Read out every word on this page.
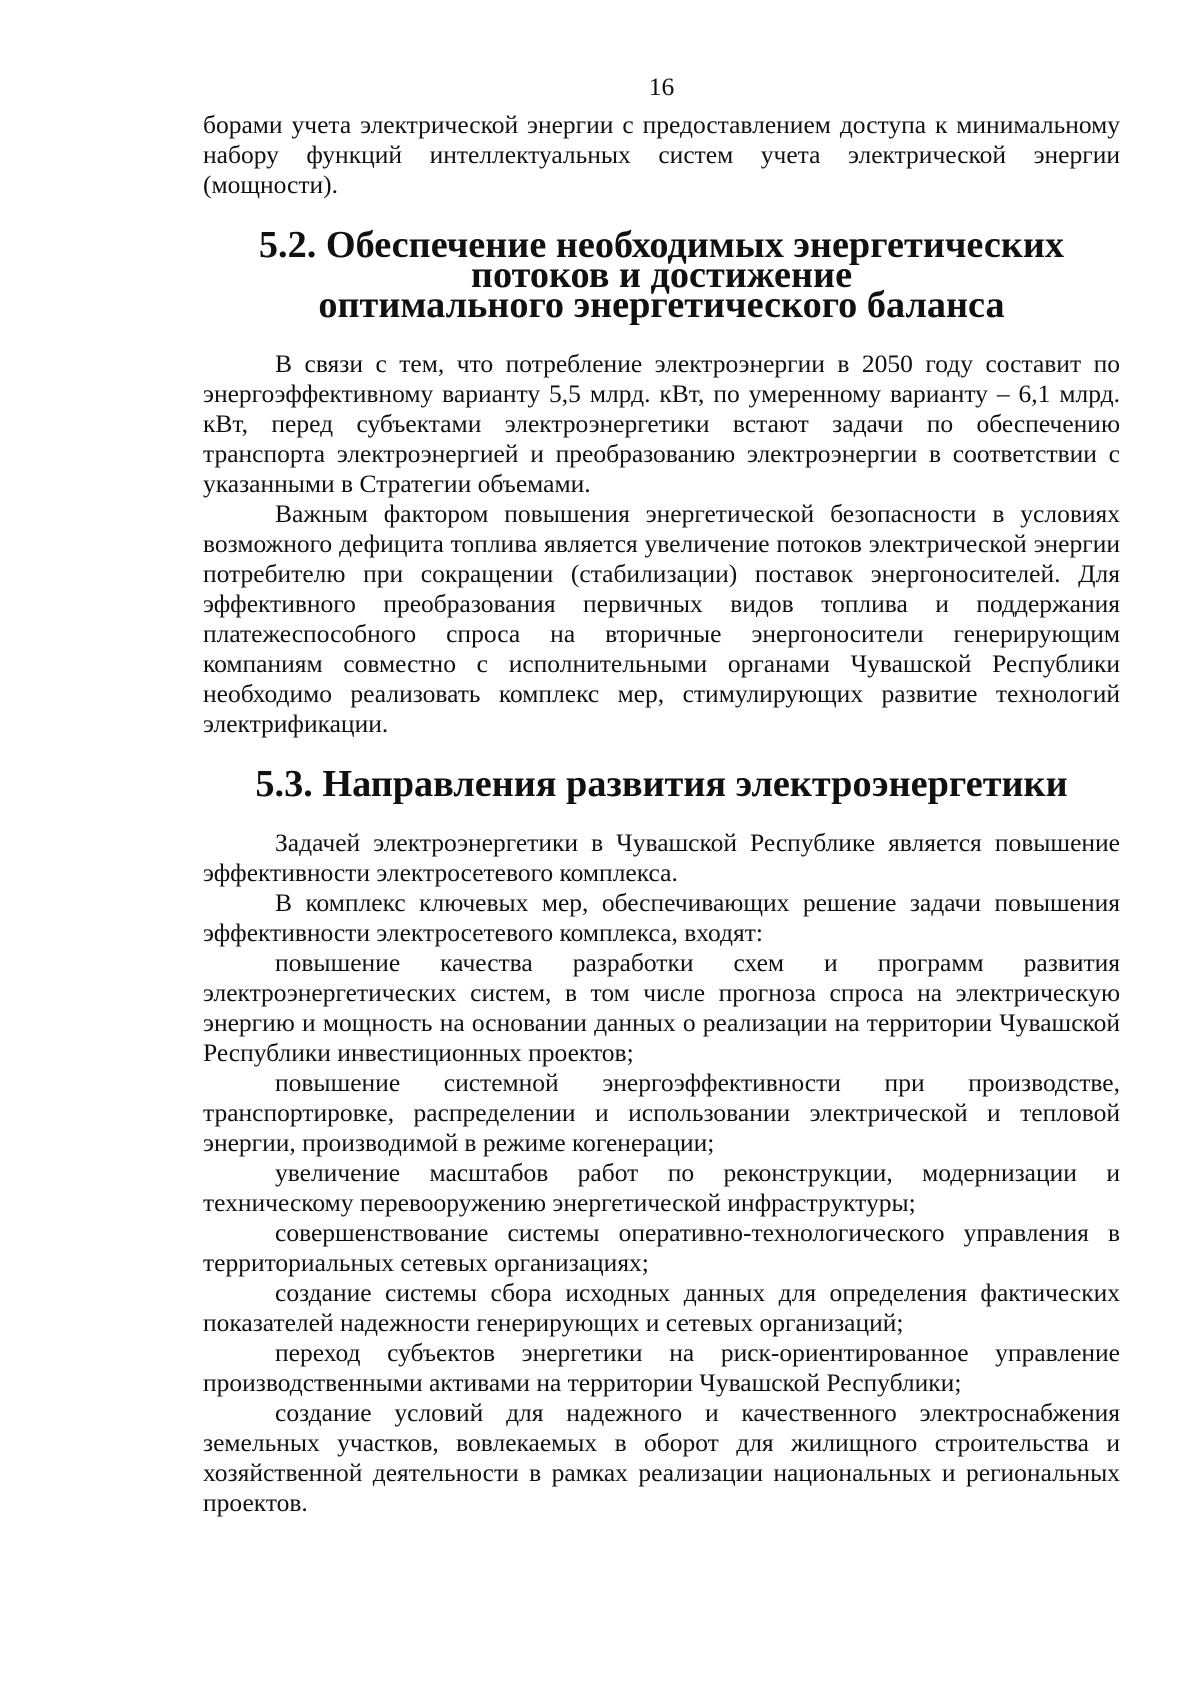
16

борами учета электрической энергии с предоставлением доступа к минимальному набору функций интеллектуальных систем учета электрической энергии (мощности).

5.2. Обеспечение необходимых энергетических потоков и достижение
оптимального энергетического баланса

В связи с тем, что потребление электроэнергии в 2050 году составит по энергоэффективному варианту 5,5 млрд. кВт, по умеренному варианту – 6,1 млрд. кВт, перед субъектами электроэнергетики встают задачи по обеспечению транспорта электроэнергией и преобразованию электроэнергии в соответствии с указанными в Стратегии объемами.

Важным фактором повышения энергетической безопасности в условиях возможного дефицита топлива является увеличение потоков электрической энергии потребителю при сокращении (стабилизации) поставок энергоносителей. Для эффективного преобразования первичных видов топлива и поддержания платежеспособного спроса на вторичные энергоносители генерирующим компаниям совместно с исполнительными органами Чувашской Республики необходимо реализовать комплекс мер, стимулирующих развитие технологий электрификации.

5.3. Направления развития электроэнергетики

Задачей электроэнергетики в Чувашской Республике является повышение эффективности электросетевого комплекса.

В комплекс ключевых мер, обеспечивающих решение задачи повышения эффективности электросетевого комплекса, входят:

повышение качества разработки схем и программ развития электроэнергетических систем, в том числе прогноза спроса на электрическую энергию и мощность на основании данных о реализации на территории Чувашской Республики инвестиционных проектов;

повышение системной энергоэффективности при производстве, транспортировке, распределении и использовании электрической и тепловой энергии, производимой в режиме когенерации;

увеличение масштабов работ по реконструкции, модернизации и техническому перевооружению энергетической инфраструктуры;

совершенствование системы оперативно-технологического управления в территориальных сетевых организациях;

создание системы сбора исходных данных для определения фактических показателей надежности генерирующих и сетевых организаций;

переход субъектов энергетики на риск-ориентированное управление производственными активами на территории Чувашской Республики;

создание условий для надежного и качественного электроснабжения земельных участков, вовлекаемых в оборот для жилищного строительства и хозяйственной деятельности в рамках реализации национальных и региональных проектов.
